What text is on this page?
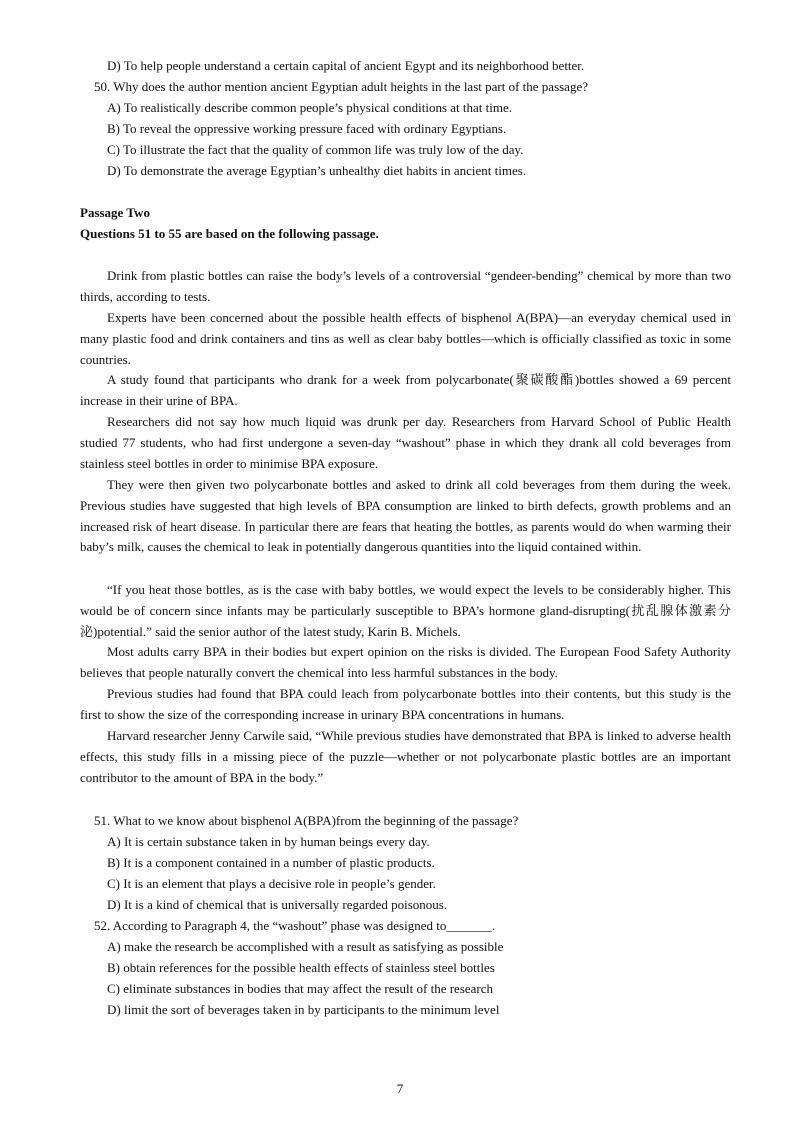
D) To help people understand a certain capital of ancient Egypt and its neighborhood better.
50. Why does the author mention ancient Egyptian adult heights in the last part of the passage?
A) To realistically describe common people’s physical conditions at that time.
B) To reveal the oppressive working pressure faced with ordinary Egyptians.
C) To illustrate the fact that the quality of common life was truly low of the day.
D) To demonstrate the average Egyptian’s unhealthy diet habits in ancient times.
Passage Two
Questions 51 to 55 are based on the following passage.
Drink from plastic bottles can raise the body’s levels of a controversial “gendeer-bending” chemical by more than two thirds, according to tests.
Experts have been concerned about the possible health effects of bisphenol A(BPA)—an everyday chemical used in many plastic food and drink containers and tins as well as clear baby bottles—which is officially classified as toxic in some countries.
A study found that participants who drank for a week from polycarbonate(聚碳酸酯)bottles showed a 69 percent increase in their urine of BPA.
Researchers did not say how much liquid was drunk per day. Researchers from Harvard School of Public Health studied 77 students, who had first undergone a seven-day “washout” phase in which they drank all cold beverages from stainless steel bottles in order to minimise BPA exposure.
They were then given two polycarbonate bottles and asked to drink all cold beverages from them during the week. Previous studies have suggested that high levels of BPA consumption are linked to birth defects, growth problems and an increased risk of heart disease. In particular there are fears that heating the bottles, as parents would do when warming their baby’s milk, causes the chemical to leak in potentially dangerous quantities into the liquid contained within.
“If you heat those bottles, as is the case with baby bottles, we would expect the levels to be considerably higher. This would be of concern since infants may be particularly susceptible to BPA’s hormone gland-disrupting(扰乱腺体激素分泌)potential.” said the senior author of the latest study, Karin B. Michels.
Most adults carry BPA in their bodies but expert opinion on the risks is divided. The European Food Safety Authority believes that people naturally convert the chemical into less harmful substances in the body.
Previous studies had found that BPA could leach from polycarbonate bottles into their contents, but this study is the first to show the size of the corresponding increase in urinary BPA concentrations in humans.
Harvard researcher Jenny Carwile said, “While previous studies have demonstrated that BPA is linked to adverse health effects, this study fills in a missing piece of the puzzle—whether or not polycarbonate plastic bottles are an important contributor to the amount of BPA in the body.”
51. What to we know about bisphenol A(BPA)from the beginning of the passage?
A) It is certain substance taken in by human beings every day.
B) It is a component contained in a number of plastic products.
C) It is an element that plays a decisive role in people’s gender.
D) It is a kind of chemical that is universally regarded poisonous.
52. According to Paragraph 4, the “washout” phase was designed to_______.
A) make the research be accomplished with a result as satisfying as possible
B) obtain references for the possible health effects of stainless steel bottles
C) eliminate substances in bodies that may affect the result of the research
D) limit the sort of beverages taken in by participants to the minimum level
7
